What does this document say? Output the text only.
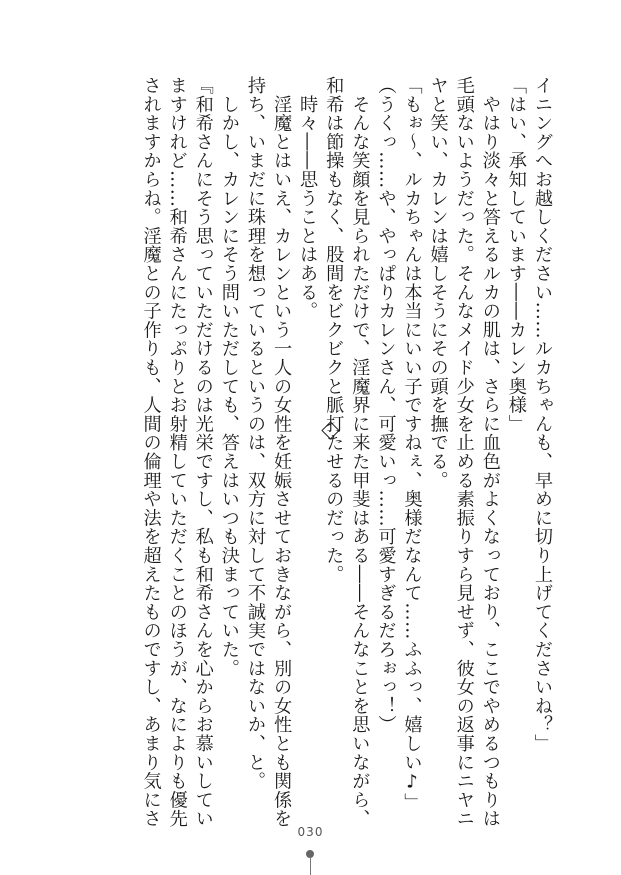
イニングへお越しください……ルカちゃんも、早めに切り上げてくださいね？」
「はい、承知しています――カレン奥様」
　やはり淡々と答えるルカの肌は、さらに血色がよくなっており、ここでやめるつもりは
毛頭ないようだった。そんなメイド少女を止める素振りすら見せず、彼女の返事にニヤニ
ヤと笑い、カレンは嬉しそうにその頭を撫でる。
「もぉ〜、ルカちゃんは本当にいい子ですねぇ、奥様だなんて……ふふっ、嬉しい♪」
（うくっ……や、やっぱりカレンさん、可愛いっ……可愛すぎるだろぉっ！）
　そんな笑顔を見られただけで、淫魔界に来た甲斐はある――そんなことを思いながら、
和希は節操もなく、股間をビクビクと脈打たせるのだった。
　時々――思うことはある。
　淫魔とはいえ、カレンという一人の女性を妊娠させておきながら、別の女性とも関係を
持ち、いまだに珠理を想っているというのは、双方に対して不誠実ではないか、と。
　しかし、カレンにそう問いただしても、答えはいつも決まっていた。
『和希さんにそう思っていただけるのは光栄ですし、私も和希さんを心からお慕いしてい
ますけれど……和希さんにたっぷりとお射精していただくことのほうが、なによりも優先
されますからね。淫魔との子作りも、人間の倫理や法を超えたものですし、あまり気にさ
030
